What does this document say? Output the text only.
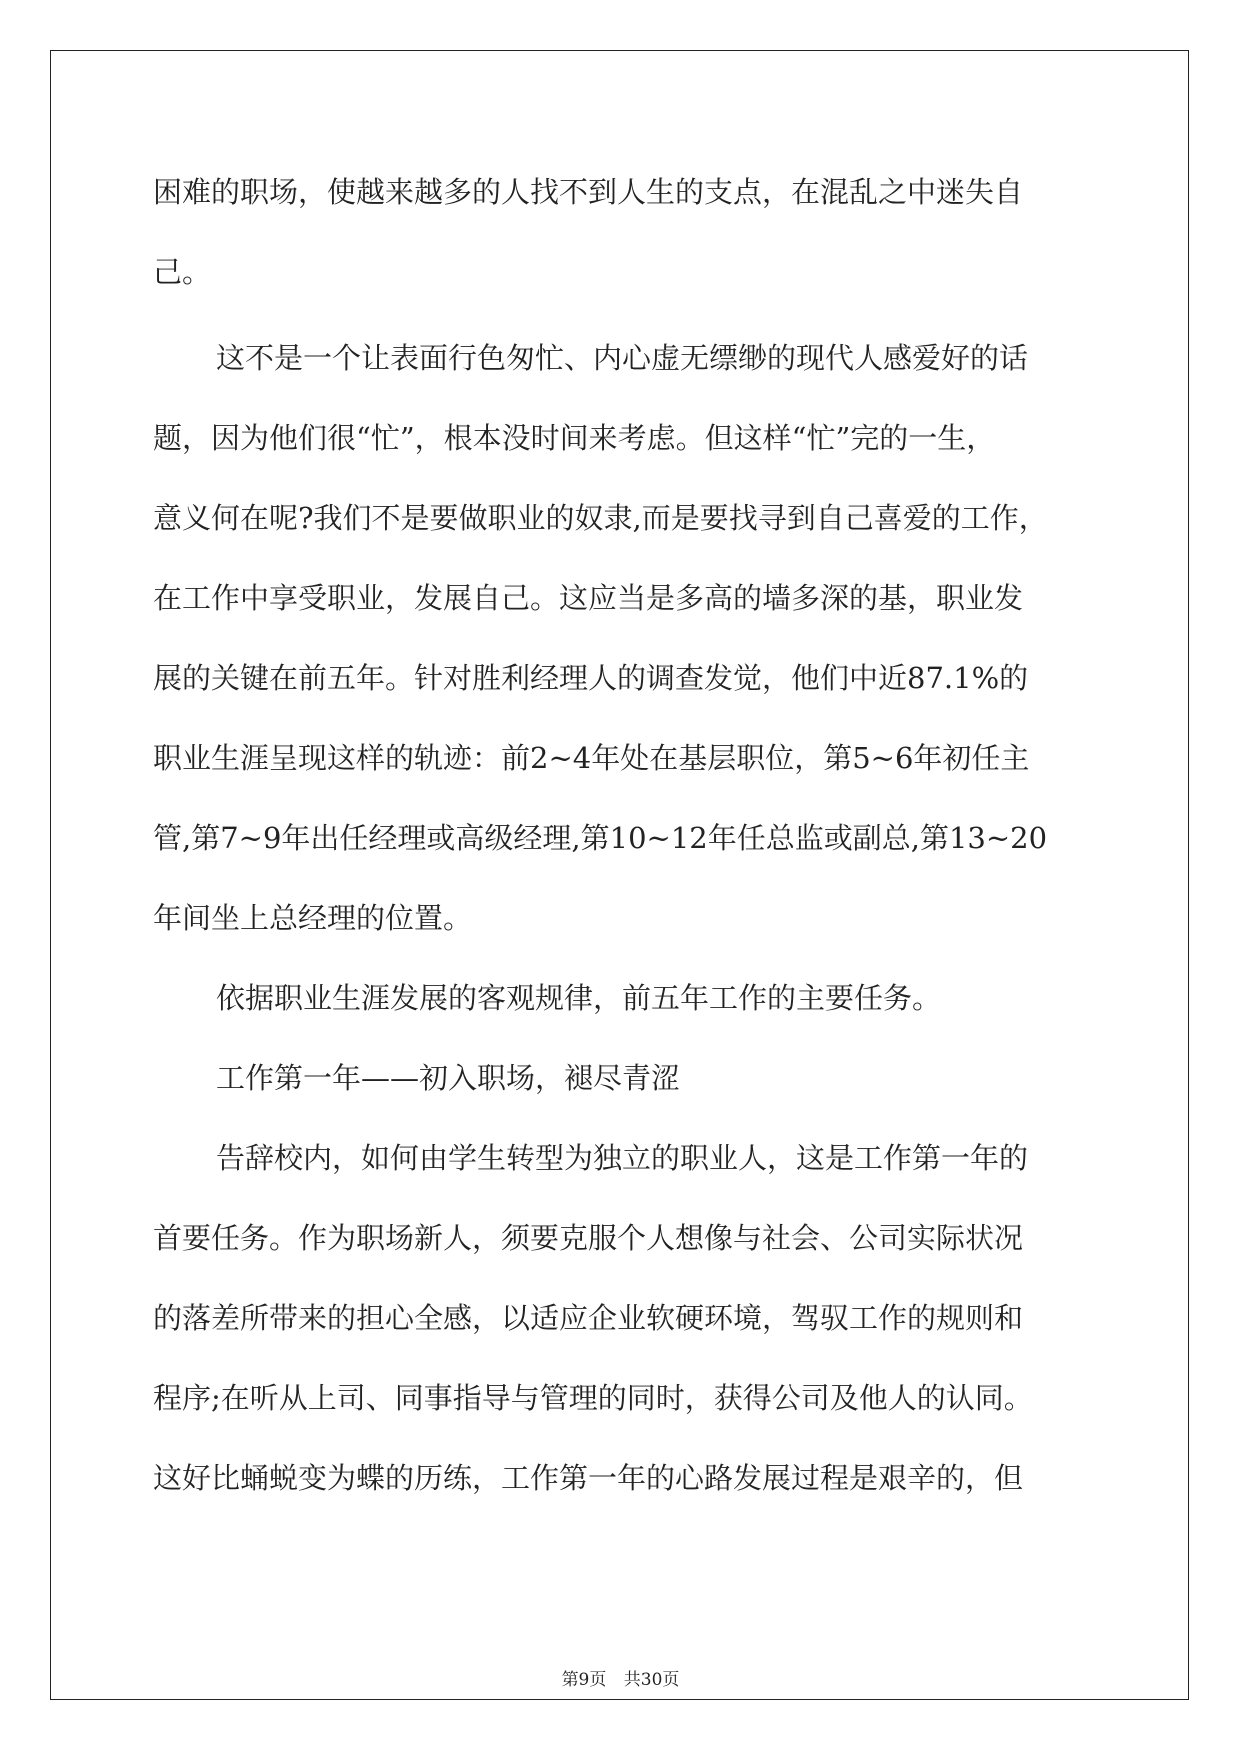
困难的职场，使越来越多的人找不到人生的支点，在混乱之中迷失自
己。
这不是一个让表面行色匆忙、内心虚无缥缈的现代人感爱好的话
题，因为他们很“忙”，根本没时间来考虑。但这样“忙”完的一生，
意义何在呢?我们不是要做职业的奴隶,而是要找寻到自己喜爱的工作，
在工作中享受职业，发展自己。这应当是多高的墙多深的基，职业发
展的关键在前五年。针对胜利经理人的调查发觉，他们中近87.1%的
职业生涯呈现这样的轨迹：前2~4年处在基层职位，第5~6年初任主
管,第7~9年出任经理或高级经理,第10~12年任总监或副总,第13~20
年间坐上总经理的位置。
依据职业生涯发展的客观规律，前五年工作的主要任务。
工作第一年——初入职场，褪尽青涩
告辞校内，如何由学生转型为独立的职业人，这是工作第一年的
首要任务。作为职场新人，须要克服个人想像与社会、公司实际状况
的落差所带来的担心全感，以适应企业软硬环境，驾驭工作的规则和
程序;在听从上司、同事指导与管理的同时，获得公司及他人的认同。
这好比蛹蜕变为蝶的历练，工作第一年的心路发展过程是艰辛的，但
第9页 共30页
